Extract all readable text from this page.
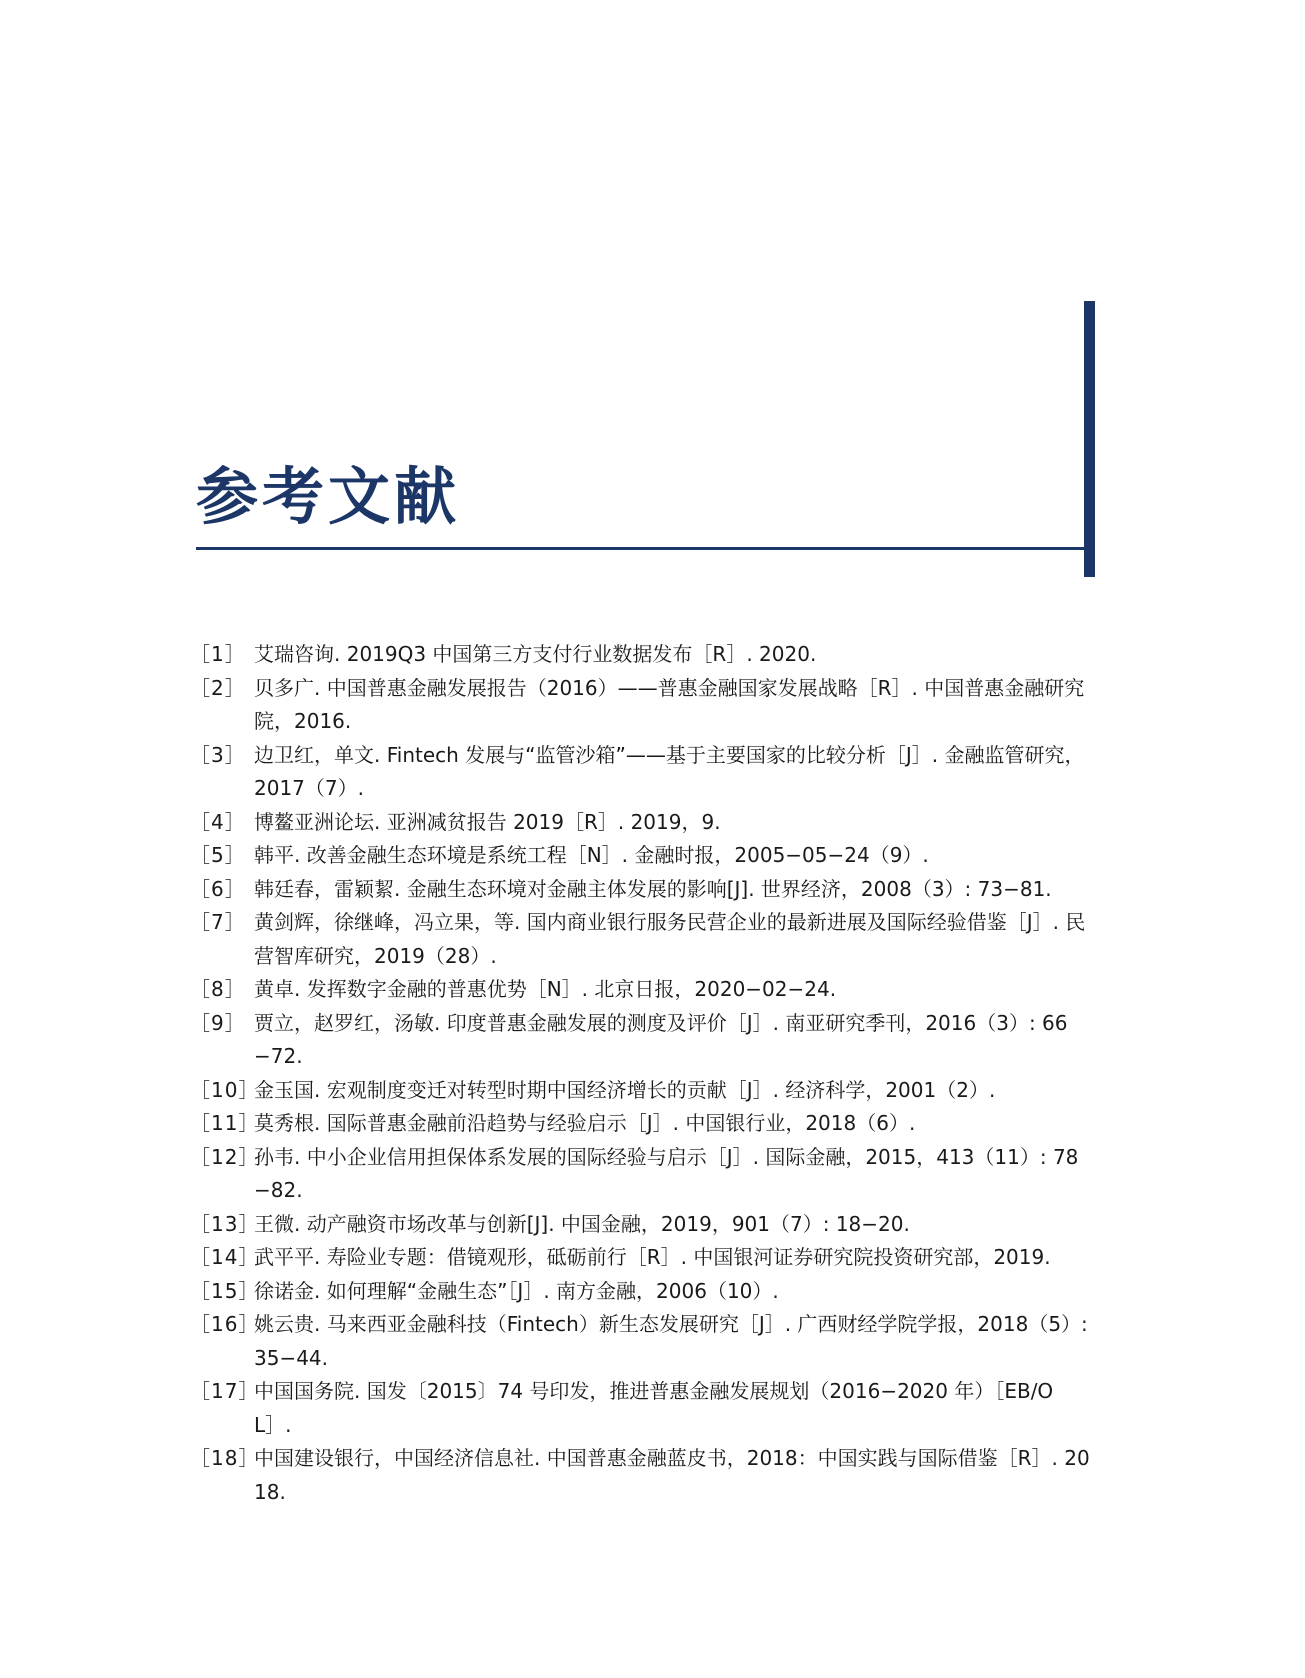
参考文献
［1］ 艾瑞咨询. 2019Q3 中国第三方支付行业数据发布［R］. 2020.
［2］ 贝多广. 中国普惠金融发展报告（2016）——普惠金融国家发展战略［R］. 中国普惠金融研究院，2016.
［3］ 边卫红，单文. Fintech 发展与“监管沙箱”——基于主要国家的比较分析［J］. 金融监管研究，2017（7）.
［4］ 博鳌亚洲论坛. 亚洲减贫报告 2019［R］. 2019，9.
［5］ 韩平. 改善金融生态环境是系统工程［N］. 金融时报，2005−05−24（9）.
［6］ 韩廷春，雷颖絜. 金融生态环境对金融主体发展的影响[J]. 世界经济，2008（3）: 73−81.
［7］ 黄剑辉，徐继峰，冯立果，等. 国内商业银行服务民营企业的最新进展及国际经验借鉴［J］. 民营智库研究，2019（28）.
［8］ 黄卓. 发挥数字金融的普惠优势［N］. 北京日报，2020−02−24.
［9］ 贾立，赵罗红，汤敏. 印度普惠金融发展的测度及评价［J］. 南亚研究季刊，2016（3）: 66−72.
［10］
金玉国. 宏观制度变迁对转型时期中国经济增长的贡献［J］. 经济科学，2001（2）.
［11］
莫秀根. 国际普惠金融前沿趋势与经验启示［J］. 中国银行业，2018（6）.
［12］
孙韦. 中小企业信用担保体系发展的国际经验与启示［J］. 国际金融，2015，413（11）: 78−82.
［13］
王微. 动产融资市场改革与创新[J]. 中国金融，2019，901（7）: 18−20.
［14］
武平平. 寿险业专题：借镜观形，砥砺前行［R］. 中国银河证券研究院投资研究部，2019.
［15］
徐诺金. 如何理解“金融生态”［J］. 南方金融，2006（10）.
［16］
姚云贵. 马来西亚金融科技（Fintech）新生态发展研究［J］. 广西财经学院学报，2018（5）: 35−44.
［17］
中国国务院. 国发〔2015〕74 号印发，推进普惠金融发展规划（2016−2020 年）［EB/OL］.
［18］
中国建设银行，中国经济信息社. 中国普惠金融蓝皮书，2018：中国实践与国际借鉴［R］. 2018.
